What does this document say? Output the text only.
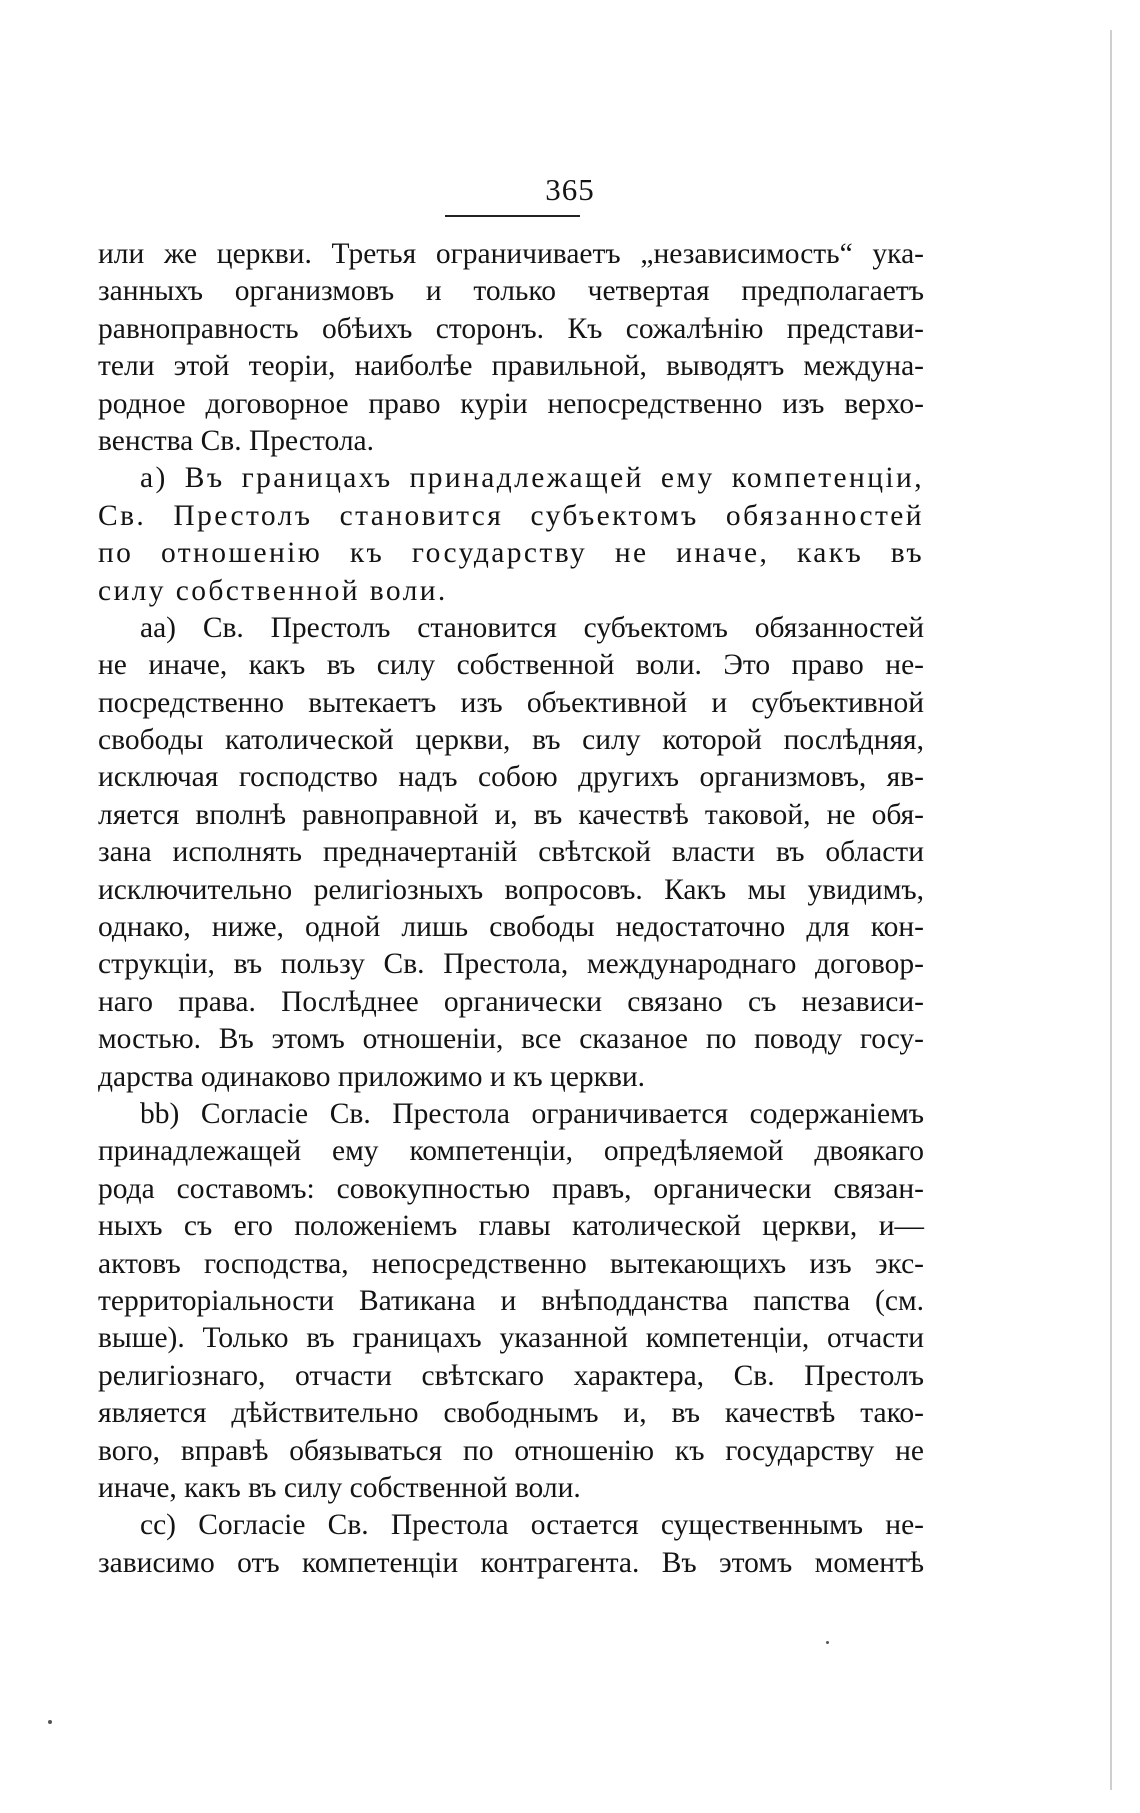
365
или же церкви. Третья ограничиваетъ „независимость“ ука-
занныхъ организмовъ и только четвертая предполагаетъ
равноправность обѣихъ сторонъ. Къ сожалѣнію представи-
тели этой теоріи, наиболѣе правильной, выводятъ междуна-
родное договорное право куріи непосредственно изъ верхо-
венства Св. Престола.
a) Въ границахъ принадлежащей ему компетенціи,
Св. Престолъ становится субъектомъ обязанностей
по отношенію къ государству не иначе, какъ въ
силу собственной воли.
aa) Св. Престолъ становится субъектомъ обязанностей
не иначе, какъ въ силу собственной воли. Это право не-
посредственно вытекаетъ изъ объективной и субъективной
свободы католической церкви, въ силу которой послѣдняя,
исключая господство надъ собою другихъ организмовъ, яв-
ляется вполнѣ равноправной и, въ качествѣ таковой, не обя-
зана исполнять предначертаній свѣтской власти въ области
исключительно религіозныхъ вопросовъ. Какъ мы увидимъ,
однако, ниже, одной лишь свободы недостаточно для кон-
струкціи, въ пользу Св. Престола, международнаго договор-
наго права. Послѣднее органически связано съ независи-
мостью. Въ этомъ отношеніи, все сказаное по поводу госу-
дарства одинаково приложимо и къ церкви.
bb) Согласіе Св. Престола ограничивается содержаніемъ
принадлежащей ему компетенціи, опредѣляемой двоякаго
рода составомъ: совокупностью правъ, органически связан-
ныхъ съ его положеніемъ главы католической церкви, и—
актовъ господства, непосредственно вытекающихъ изъ экс-
территоріальности Ватикана и внѣподданства папства (см.
выше). Только въ границахъ указанной компетенціи, отчасти
религіознаго, отчасти свѣтскаго характера, Св. Престолъ
является дѣйствительно свободнымъ и, въ качествѣ тако-
вого, вправѣ обязываться по отношенію къ государству не
иначе, какъ въ силу собственной воли.
cc) Согласіе Св. Престола остается существеннымъ не-
зависимо отъ компетенціи контрагента. Въ этомъ моментѣ
